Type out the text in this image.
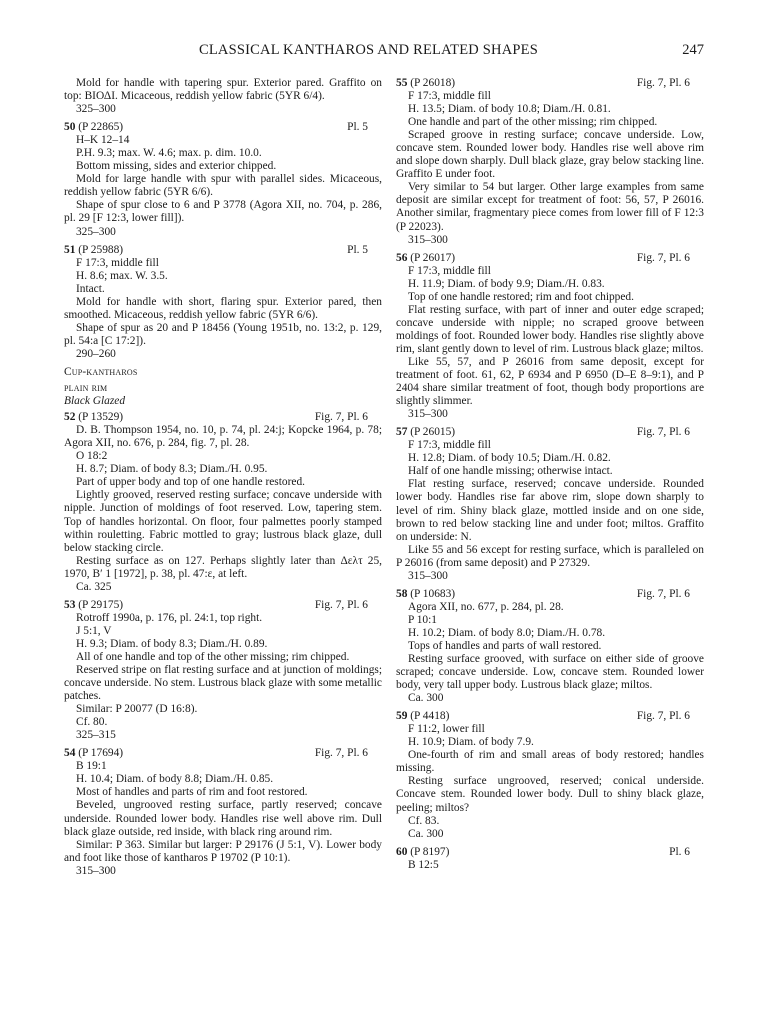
CLASSICAL KANTHAROS AND RELATED SHAPES	247

Mold for handle with tapering spur. Exterior pared. Graffito on top: ΒΙΟΔΙ. Micaceous, reddish yellow fabric (5YR 6/4).

325–300

50 (P 22865)	Pl. 5

H–K 12–14

P.H. 9.3; max. W. 4.6; max. p. dim. 10.0.

Bottom missing, sides and exterior chipped.

Mold for large handle with spur with parallel sides. Micaceous, reddish yellow fabric (5YR 6/6).

Shape of spur close to 6 and P 3778 (Agora XII, no. 704, p. 286, pl. 29 [F 12:3, lower fill]).

325–300

51 (P 25988)	Pl. 5

F 17:3, middle fill

H. 8.6; max. W. 3.5.

Intact.

Mold for handle with short, flaring spur. Exterior pared, then smoothed. Micaceous, reddish yellow fabric (5YR 6/6).

Shape of spur as 20 and P 18456 (Young 1951b, no. 13:2, p. 129, pl. 54:a [C 17:2]).

290–260

Cup-kantharos

plain rim

Black Glazed

52 (P 13529)	Fig. 7, Pl. 6

D. B. Thompson 1954, no. 10, p. 74, pl. 24:j; Kopcke 1964, p. 78; Agora XII, no. 676, p. 284, fig. 7, pl. 28.

O 18:2

H. 8.7; Diam. of body 8.3; Diam./H. 0.95.

Part of upper body and top of one handle restored.

Lightly grooved, reserved resting surface; concave underside with nipple. Junction of moldings of foot reserved. Low, tapering stem. Top of handles horizontal. On floor, four palmettes poorly stamped within rouletting. Fabric mottled to gray; lustrous black glaze, dull below stacking circle.

Resting surface as on 127. Perhaps slightly later than Δελτ 25, 1970, Β′ 1 [1972], p. 38, pl. 47:ε, at left.

Ca. 325

53 (P 29175)	Fig. 7, Pl. 6

Rotroff 1990a, p. 176, pl. 24:1, top right.

J 5:1, V

H. 9.3; Diam. of body 8.3; Diam./H. 0.89.

All of one handle and top of the other missing; rim chipped.

Reserved stripe on flat resting surface and at junction of moldings; concave underside. No stem. Lustrous black glaze with some metallic patches.

Similar: P 20077 (D 16:8).

Cf. 80.

325–315

54 (P 17694)	Fig. 7, Pl. 6

B 19:1

H. 10.4; Diam. of body 8.8; Diam./H. 0.85.

Most of handles and parts of rim and foot restored.

Beveled, ungrooved resting surface, partly reserved; concave underside. Rounded lower body. Handles rise well above rim. Dull black glaze outside, red inside, with black ring around rim.

Similar: P 363. Similar but larger: P 29176 (J 5:1, V). Lower body and foot like those of kantharos P 19702 (P 10:1).

315–300

55 (P 26018)	Fig. 7, Pl. 6

F 17:3, middle fill

H. 13.5; Diam. of body 10.8; Diam./H. 0.81.

One handle and part of the other missing; rim chipped.

Scraped groove in resting surface; concave underside. Low, concave stem. Rounded lower body. Handles rise well above rim and slope down sharply. Dull black glaze, gray below stacking line. Graffito Ε under foot.

Very similar to 54 but larger. Other large examples from same deposit are similar except for treatment of foot: 56, 57, P 26016. Another similar, fragmentary piece comes from lower fill of F 12:3 (P 22023).

315–300

56 (P 26017)	Fig. 7, Pl. 6

F 17:3, middle fill

H. 11.9; Diam. of body 9.9; Diam./H. 0.83.

Top of one handle restored; rim and foot chipped.

Flat resting surface, with part of inner and outer edge scraped; concave underside with nipple; no scraped groove between moldings of foot. Rounded lower body. Handles rise slightly above rim, slant gently down to level of rim. Lustrous black glaze; miltos.

Like 55, 57, and P 26016 from same deposit, except for treatment of foot. 61, 62, P 6934 and P 6950 (D–E 8–9:1), and P 2404 share similar treatment of foot, though body proportions are slightly slimmer.

315–300

57 (P 26015)	Fig. 7, Pl. 6

F 17:3, middle fill

H. 12.8; Diam. of body 10.5; Diam./H. 0.82.

Half of one handle missing; otherwise intact.

Flat resting surface, reserved; concave underside. Rounded lower body. Handles rise far above rim, slope down sharply to level of rim. Shiny black glaze, mottled inside and on one side, brown to red below stacking line and under foot; miltos. Graffito on underside: N.

Like 55 and 56 except for resting surface, which is paralleled on P 26016 (from same deposit) and P 27329.

315–300

58 (P 10683)	Fig. 7, Pl. 6

Agora XII, no. 677, p. 284, pl. 28.

P 10:1

H. 10.2; Diam. of body 8.0; Diam./H. 0.78.

Tops of handles and parts of wall restored.

Resting surface grooved, with surface on either side of groove scraped; concave underside. Low, concave stem. Rounded lower body, very tall upper body. Lustrous black glaze; miltos.

Ca. 300

59 (P 4418)	Fig. 7, Pl. 6

F 11:2, lower fill

H. 10.9; Diam. of body 7.9.

One-fourth of rim and small areas of body restored; handles missing.

Resting surface ungrooved, reserved; conical underside. Concave stem. Rounded lower body. Dull to shiny black glaze, peeling; miltos?

Cf. 83.

Ca. 300

60 (P 8197)	Pl. 6

B 12:5
